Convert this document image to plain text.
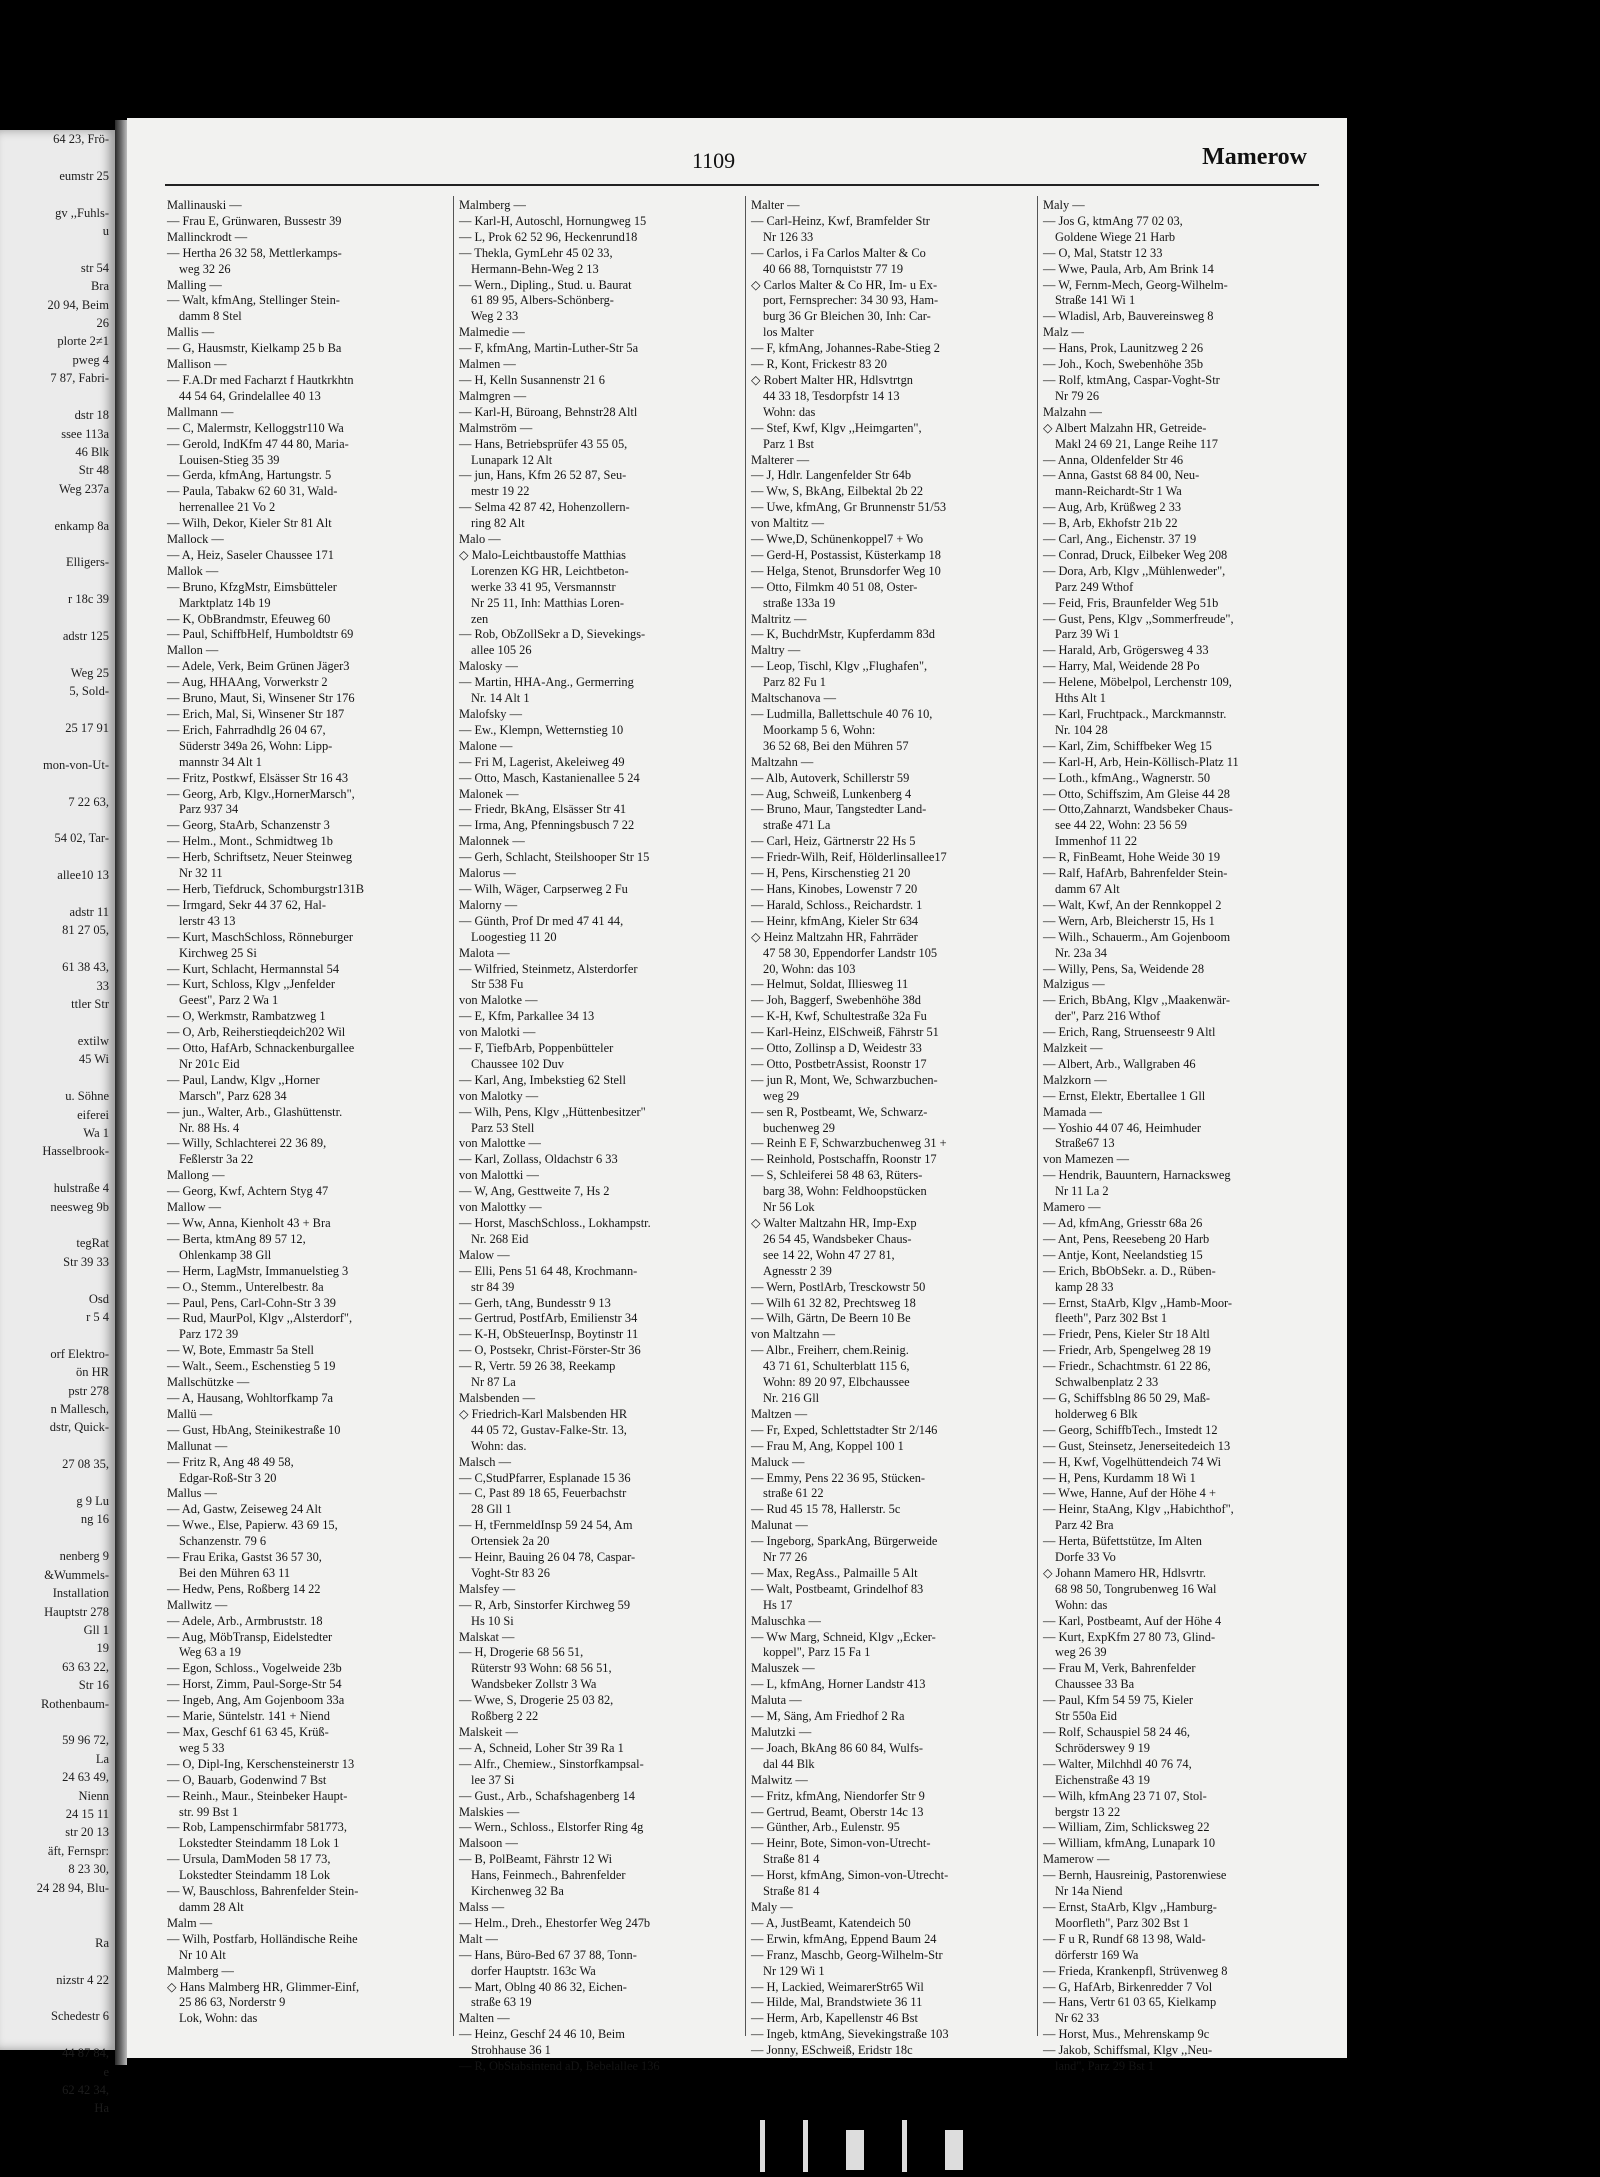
64 23, Frö-

eumstr 25

gv ,,Fuhls-
u

str 54
Bra
20 94, Beim
26
plorte 2≠1
pweg 4
7 87, Fabri-

dstr 18
ssee 113a
46 Blk
Str 48
Weg 237a

enkamp 8a

Elligers-

r 18c 39

adstr 125

Weg 25
5, Sold-

25 17 91

mon-von-Ut-

7 22 63,

54 02, Tar-

allee10 13

adstr 11
81 27 05,

61 38 43,
33
ttler Str

extilw
45 Wi

u. Söhne
eiferei
Wa 1
Hasselbrook-

hulstraße 4
neesweg 9b

tegRat
Str 39 33

Osd
r 5 4

orf Elektro-
ön HR
pstr 278
n Mallesch,
dstr, Quick-

27 08 35,

g 9 Lu
ng 16

nenberg 9
&Wummels-
Installation
Hauptstr 278
Gll 1
19
63 63 22,
Str 16
Rothenbaum-

59 96 72,
La
24 63 49,
Nienn
24 15 11
str 20 13
äft, Fernspr:
8 23 30,
24 28 94, Blu-

Ra

nizstr 4 22

Schedestr 6

44 87 84,
e
62 42 34,
Ha
1109	Mamerow
Mallinauski —
— Frau E, Grünwaren, Bussestr 39
Mallinckrodt —
— Hertha 26 32 58, Mettlerkamps-
weg 32 26
Malling —
— Walt, kfmAng, Stellinger Stein-
damm 8 Stel
Mallis —
— G, Hausmstr, Kielkamp 25 b Ba
Mallison —
— F.A.Dr med Facharzt f Hautkrkhtn
44 54 64, Grindelallee 40 13
Mallmann —
— C, Malermstr, Kelloggstr110 Wa
— Gerold, IndKfm 47 44 80, Maria-
Louisen-Stieg 35 39
— Gerda, kfmAng, Hartungstr. 5
— Paula, Tabakw 62 60 31, Wald-
herrenallee 21 Vo 2
— Wilh, Dekor, Kieler Str 81 Alt
Mallock —
— A, Heiz, Saseler Chaussee 171
Mallok —
— Bruno, KfzgMstr, Eimsbütteler
Marktplatz 14b 19
— K, ObBrandmstr, Efeuweg 60
— Paul, SchiffbHelf, Humboldtstr 69
Mallon —
— Adele, Verk, Beim Grünen Jäger3
— Aug, HHAAng, Vorwerkstr 2
— Bruno, Maut, Si, Winsener Str 176
— Erich, Mal, Si, Winsener Str 187
— Erich, Fahrradhdlg 26 04 67,
Süderstr 349a 26, Wohn: Lipp-
mannstr 34 Alt 1
— Fritz, Postkwf, Elsässer Str 16 43
— Georg, Arb, Klgv.,HornerMarsch",
Parz 937 34
— Georg, StaArb, Schanzenstr 3
— Helm., Mont., Schmidtweg 1b
— Herb, Schriftsetz, Neuer Steinweg
Nr 32 11
— Herb, Tiefdruck, Schomburgstr131B
— Irmgard, Sekr 44 37 62, Hal-
lerstr 43 13
— Kurt, MaschSchloss, Rönneburger
Kirchweg 25 Si
— Kurt, Schlacht, Hermannstal 54
— Kurt, Schloss, Klgv ,,Jenfelder
Geest", Parz 2 Wa 1
— O, Werkmstr, Rambatzweg 1
— O, Arb, Reiherstieqdeich202 Wil
— Otto, HafArb, Schnackenburgallee
Nr 201c Eid
— Paul, Landw, Klgv ,,Horner
Marsch", Parz 628 34
— jun., Walter, Arb., Glashüttenstr.
Nr. 88 Hs. 4
— Willy, Schlachterei 22 36 89,
Feßlerstr 3a 22
Mallong —
— Georg, Kwf, Achtern Styg 47
Mallow —
— Ww, Anna, Kienholt 43 + Bra
— Berta, ktmAng 89 57 12,
Ohlenkamp 38 Gll
— Herm, LagMstr, Immanuelstieg 3
— O., Stemm., Unterelbestr. 8a
— Paul, Pens, Carl-Cohn-Str 3 39
— Rud, MaurPol, Klgv ,,Alsterdorf",
Parz 172 39
— W, Bote, Emmastr 5a Stell
— Walt., Seem., Eschenstieg 5 19
Mallschützke —
— A, Hausang, Wohltorfkamp 7a
Mallü —
— Gust, HbAng, Steinikestraße 10
Mallunat —
— Fritz R, Ang 48 49 58,
Edgar-Roß-Str 3 20
Mallus —
— Ad, Gastw, Zeiseweg 24 Alt
— Wwe., Else, Papierw. 43 69 15,
Schanzenstr. 79 6
— Frau Erika, Gastst 36 57 30,
Bei den Mühren 63 11
— Hedw, Pens, Roßberg 14 22
Mallwitz —
— Adele, Arb., Armbruststr. 18
— Aug, MöbTransp, Eidelstedter
Weg 63 a 19
— Egon, Schloss., Vogelweide 23b
— Horst, Zimm, Paul-Sorge-Str 54
— Ingeb, Ang, Am Gojenboom 33a
— Marie, Süntelstr. 141 + Niend
— Max, Geschf 61 63 45, Krüß-
weg 5 33
— O, Dipl-Ing, Kerschensteinerstr 13
— O, Bauarb, Godenwind 7 Bst
— Reinh., Maur., Steinbeker Haupt-
str. 99 Bst 1
— Rob, Lampenschirmfabr 581773,
Lokstedter Steindamm 18 Lok 1
— Ursula, DamModen 58 17 73,
Lokstedter Steindamm 18 Lok
— W, Bauschloss, Bahrenfelder Stein-
damm 28 Alt
Malm —
— Wilh, Postfarb, Holländische Reihe
Nr 10 Alt
Malmberg —
◇ Hans Malmberg HR, Glimmer-Einf,
25 86 63, Norderstr 9
Lok, Wohn: das
Malmberg —
— Karl-H, Autoschl, Hornungweg 15
— L, Prok 62 52 96, Heckenrund18
— Thekla, GymLehr 45 02 33,
Hermann-Behn-Weg 2 13
— Wern., Dipling., Stud. u. Baurat
61 89 95, Albers-Schönberg-
Weg 2 33
Malmedie —
— F, kfmAng, Martin-Luther-Str 5a
Malmen —
— H, Kelln Susannenstr 21 6
Malmgren —
— Karl-H, Büroang, Behnstr28 Altl
Malmström —
— Hans, Betriebsprüfer 43 55 05,
Lunapark 12 Alt
— jun, Hans, Kfm 26 52 87, Seu-
mestr 19 22
— Selma 42 87 42, Hohenzollern-
ring 82 Alt
Malo —
◇ Malo-Leichtbaustoffe Matthias
Lorenzen KG HR, Leichtbeton-
werke 33 41 95, Versmannstr
Nr 25 11, Inh: Matthias Loren-
zen
— Rob, ObZollSekr a D, Sievekings-
allee 105 26
Malosky —
— Martin, HHA-Ang., Germerring
Nr. 14 Alt 1
Malofsky —
— Ew., Klempn, Wetternstieg 10
Malone —
— Fri M, Lagerist, Akeleiweg 49
— Otto, Masch, Kastanienallee 5 24
Malonek —
— Friedr, BkAng, Elsässer Str 41
— Irma, Ang, Pfenningsbusch 7 22
Malonnek —
— Gerh, Schlacht, Steilshooper Str 15
Malorus —
— Wilh, Wäger, Carpserweg 2 Fu
Malorny —
— Günth, Prof Dr med 47 41 44,
Loogestieg 11 20
Malota —
— Wilfried, Steinmetz, Alsterdorfer
Str 538 Fu
von Malotke —
— E, Kfm, Parkallee 34 13
von Malotki —
— F, TiefbArb, Poppenbütteler
Chaussee 102 Duv
— Karl, Ang, Imbekstieg 62 Stell
von Malotky —
— Wilh, Pens, Klgv ,,Hüttenbesitzer"
Parz 53 Stell
von Malottke —
— Karl, Zollass, Oldachstr 6 33
von Malottki —
— W, Ang, Gesttweite 7, Hs 2
von Malottky —
— Horst, MaschSchloss., Lokhampstr.
Nr. 268 Eid
Malow —
— Elli, Pens 51 64 48, Krochmann-
str 84 39
— Gerh, tAng, Bundesstr 9 13
— Gertrud, PostfArb, Emilienstr 34
— K-H, ObSteuerInsp, Boytinstr 11
— O, Postsekr, Christ-Förster-Str 36
— R, Vertr. 59 26 38, Reekamp
Nr 87 La
Malsbenden —
◇ Friedrich-Karl Malsbenden HR
44 05 72, Gustav-Falke-Str. 13,
Wohn: das.
Malsch —
— C,StudPfarrer, Esplanade 15 36
— C, Past 89 18 65, Feuerbachstr
28 Gll 1
— H, tFernmeldInsp 59 24 54, Am
Ortensiek 2a 20
— Heinr, Bauing 26 04 78, Caspar-
Voght-Str 83 26
Malsfey —
— R, Arb, Sinstorfer Kirchweg 59
Hs 10 Si
Malskat —
— H, Drogerie 68 56 51,
Rüterstr 93 Wohn: 68 56 51,
Wandsbeker Zollstr 3 Wa
— Wwe, S, Drogerie 25 03 82,
Roßberg 2 22
Malskeit —
— A, Schneid, Loher Str 39 Ra 1
— Alfr., Chemiew., Sinstorfkampsal-
lee 37 Si
— Gust., Arb., Schafshagenberg 14
Malskies —
— Wern., Schloss., Elstorfer Ring 4g
Malsoon —
— B, PolBeamt, Fährstr 12 Wi
Hans, Feinmech., Bahrenfelder
Kirchenweg 32 Ba
Malss —
— Helm., Dreh., Ehestorfer Weg 247b
Malt —
— Hans, Büro-Bed 67 37 88, Tonn-
dorfer Hauptstr. 163c Wa
— Mart, Oblng 40 86 32, Eichen-
straße 63 19
Malten —
— Heinz, Geschf 24 46 10, Beim
Strohhause 36 1
— R, ObStabsintend aD, Bebelallee 136
Malter —
— Carl-Heinz, Kwf, Bramfelder Str
Nr 126 33
— Carlos, i Fa Carlos Malter & Co
40 66 88, Tornquiststr 77 19
◇ Carlos Malter & Co HR, Im- u Ex-
port, Fernsprecher: 34 30 93, Ham-
burg 36 Gr Bleichen 30, Inh: Car-
los Malter
— F, kfmAng, Johannes-Rabe-Stieg 2
— R, Kont, Frickestr 83 20
◇ Robert Malter HR, Hdlsvtrtgn
44 33 18, Tesdorpfstr 14 13
Wohn: das
— Stef, Kwf, Klgv ,,Heimgarten",
Parz 1 Bst
Malterer —
— J, Hdlr. Langenfelder Str 64b
— Ww, S, BkAng, Eilbektal 2b 22
— Uwe, kfmAng, Gr Brunnenstr 51/53
von Maltitz —
— Wwe,D, Schünenkoppel7 + Wo
— Gerd-H, Postassist, Küsterkamp 18
— Helga, Stenot, Brunsdorfer Weg 10
— Otto, Filmkm 40 51 08, Oster-
straße 133a 19
Maltritz —
— K, BuchdrMstr, Kupferdamm 83d
Maltry —
— Leop, Tischl, Klgv ,,Flughafen",
Parz 82 Fu 1
Maltschanova —
— Ludmilla, Ballettschule 40 76 10,
Moorkamp 5 6, Wohn:
36 52 68, Bei den Mühren 57
Maltzahn —
— Alb, Autoverk, Schillerstr 59
— Aug, Schweiß, Lunkenberg 4
— Bruno, Maur, Tangstedter Land-
straße 471 La
— Carl, Heiz, Gärtnerstr 22 Hs 5
— Friedr-Wilh, Reif, Hölderlinsallee17
— H, Pens, Kirschenstieg 21 20
— Hans, Kinobes, Lowenstr 7 20
— Harald, Schloss., Reichardstr. 1
— Heinr, kfmAng, Kieler Str 634
◇ Heinz Maltzahn HR, Fahrräder
47 58 30, Eppendorfer Landstr 105
20, Wohn: das 103
— Helmut, Soldat, Illiesweg 11
— Joh, Baggerf, Swebenhöhe 38d
— K-H, Kwf, Schultestraße 32a Fu
— Karl-Heinz, ElSchweiß, Fährstr 51
— Otto, Zollinsp a D, Weidestr 33
— Otto, PostbetrAssist, Roonstr 17
— jun R, Mont, We, Schwarzbuchen-
weg 29
— sen R, Postbeamt, We, Schwarz-
buchenweg 29
— Reinh E F, Schwarzbuchenweg 31 +
— Reinhold, Postschaffn, Roonstr 17
— S, Schleiferei 58 48 63, Rüters-
barg 38, Wohn: Feldhoopstücken
Nr 56 Lok
◇ Walter Maltzahn HR, Imp-Exp
26 54 45, Wandsbeker Chaus-
see 14 22, Wohn 47 27 81,
Agnesstr 2 39
— Wern, PostlArb, Tresckowstr 50
— Wilh 61 32 82, Prechtsweg 18
— Wilh, Gärtn, De Beern 10 Be
von Maltzahn —
— Albr., Freiherr, chem.Reinig.
43 71 61, Schulterblatt 115 6,
Wohn: 89 20 97, Elbchaussee
Nr. 216 Gll
Maltzen —
— Fr, Exped, Schlettstadter Str 2/146
— Frau M, Ang, Koppel 100 1
Maluck —
— Emmy, Pens 22 36 95, Stücken-
straße 61 22
— Rud 45 15 78, Hallerstr. 5c
Malunat —
— Ingeborg, SparkAng, Bürgerweide
Nr 77 26
— Max, RegAss., Palmaille 5 Alt
— Walt, Postbeamt, Grindelhof 83
Hs 17
Maluschka —
— Ww Marg, Schneid, Klgv ,,Ecker-
koppel", Parz 15 Fa 1
Maluszek —
— L, kfmAng, Horner Landstr 413
Maluta —
— M, Säng, Am Friedhof 2 Ra
Malutzki —
— Joach, BkAng 86 60 84, Wulfs-
dal 44 Blk
Malwitz —
— Fritz, kfmAng, Niendorfer Str 9
— Gertrud, Beamt, Oberstr 14c 13
— Günther, Arb., Eulenstr. 95
— Heinr, Bote, Simon-von-Utrecht-
Straße 81 4
— Horst, kfmAng, Simon-von-Utrecht-
Straße 81 4
Maly —
— A, JustBeamt, Katendeich 50
— Erwin, kfmAng, Eppend Baum 24
— Franz, Maschb, Georg-Wilhelm-Str
Nr 129 Wi 1
— H, Lackied, WeimarerStr65 Wil
— Hilde, Mal, Brandstwiete 36 11
— Herm, Arb, Kapellenstr 46 Bst
— Ingeb, ktmAng, Sievekingstraße 103
— Jonny, ESchweiß, Eridstr 18c
Maly —
— Jos G, ktmAng 77 02 03,
Goldene Wiege 21 Harb
— O, Mal, Statstr 12 33
— Wwe, Paula, Arb, Am Brink 14
— W, Fernm-Mech, Georg-Wilhelm-
Straße 141 Wi 1
— Wladisl, Arb, Bauvereinsweg 8
Malz —
— Hans, Prok, Launitzweg 2 26
— Joh., Koch, Swebenhöhe 35b
— Rolf, ktmAng, Caspar-Voght-Str
Nr 79 26
Malzahn —
◇ Albert Malzahn HR, Getreide-
Makl 24 69 21, Lange Reihe 117
— Anna, Oldenfelder Str 46
— Anna, Gastst 68 84 00, Neu-
mann-Reichardt-Str 1 Wa
— Aug, Arb, Krüßweg 2 33
— B, Arb, Ekhofstr 21b 22
— Carl, Ang., Eichenstr. 37 19
— Conrad, Druck, Eilbeker Weg 208
— Dora, Arb, Klgv ,,Mühlenweder",
Parz 249 Wthof
— Feid, Fris, Braunfelder Weg 51b
— Gust, Pens, Klgv ,,Sommerfreude",
Parz 39 Wi 1
— Harald, Arb, Grögersweg 4 33
— Harry, Mal, Weidende 28 Po
— Helene, Möbelpol, Lerchenstr 109,
Hths Alt 1
— Karl, Fruchtpack., Marckmannstr.
Nr. 104 28
— Karl, Zim, Schiffbeker Weg 15
— Karl-H, Arb, Hein-Köllisch-Platz 11
— Loth., kfmAng., Wagnerstr. 50
— Otto, Schiffszim, Am Gleise 44 28
— Otto,Zahnarzt, Wandsbeker Chaus-
see 44 22, Wohn: 23 56 59
Immenhof 11 22
— R, FinBeamt, Hohe Weide 30 19
— Ralf, HafArb, Bahrenfelder Stein-
damm 67 Alt
— Walt, Kwf, An der Rennkoppel 2
— Wern, Arb, Bleicherstr 15, Hs 1
— Wilh., Schauerm., Am Gojenboom
Nr. 23a 34
— Willy, Pens, Sa, Weidende 28
Malzigus —
— Erich, BbAng, Klgv ,,Maakenwär-
der", Parz 216 Wthof
— Erich, Rang, Struenseestr 9 Altl
Malzkeit —
— Albert, Arb., Wallgraben 46
Malzkorn —
— Ernst, Elektr, Ebertallee 1 Gll
Mamada —
— Yoshio 44 07 46, Heimhuder
Straße67 13
von Mamezen —
— Hendrik, Bauuntern, Harnacksweg
Nr 11 La 2
Mamero —
— Ad, kfmAng, Griesstr 68a 26
— Ant, Pens, Reesebeng 20 Harb
— Antje, Kont, Neelandstieg 15
— Erich, BbObSekr. a. D., Rüben-
kamp 28 33
— Ernst, StaArb, Klgv ,,Hamb-Moor-
fleeth", Parz 302 Bst 1
— Friedr, Pens, Kieler Str 18 Altl
— Friedr, Arb, Spengelweg 28 19
— Friedr., Schachtmstr. 61 22 86,
Schwalbenplatz 2 33
— G, Schiffsblng 86 50 29, Maß-
holderweg 6 Blk
— Georg, SchiffbTech., Imstedt 12
— Gust, Steinsetz, Jenerseitedeich 13
— H, Kwf, Vogelhüttendeich 74 Wi
— H, Pens, Kurdamm 18 Wi 1
— Wwe, Hanne, Auf der Höhe 4 +
— Heinr, StaAng, Klgv ,,Habichthof",
Parz 42 Bra
— Herta, Büfettstütze, Im Alten
Dorfe 33 Vo
◇ Johann Mamero HR, Hdlsvrtr.
68 98 50, Tongrubenweg 16 Wal
Wohn: das
— Karl, Postbeamt, Auf der Höhe 4
— Kurt, ExpKfm 27 80 73, Glind-
weg 26 39
— Frau M, Verk, Bahrenfelder
Chaussee 33 Ba
— Paul, Kfm 54 59 75, Kieler
Str 550a Eid
— Rolf, Schauspiel 58 24 46,
Schröderswey 9 19
— Walter, Milchhdl 40 76 74,
Eichenstraße 43 19
— Wilh, kfmAng 23 71 07, Stol-
bergstr 13 22
— William, Zim, Schlicksweg 22
— William, kfmAng, Lunapark 10
Mamerow —
— Bernh, Hausreinig, Pastorenwiese
Nr 14a Niend
— Ernst, StaArb, Klgv ,,Hamburg-
Moorfleth", Parz 302 Bst 1
— F u R, Rundf 68 13 98, Wald-
dörferstr 169 Wa
— Frieda, Krankenpfl, Strüvenweg 8
— G, HafArb, Birkenredder 7 Vol
— Hans, Vertr 61 03 65, Kielkamp
Nr 62 33
— Horst, Mus., Mehrenskamp 9c
— Jakob, Schiffsmal, Klgv ,,Neu-
land", Parz 29 Bst 1
